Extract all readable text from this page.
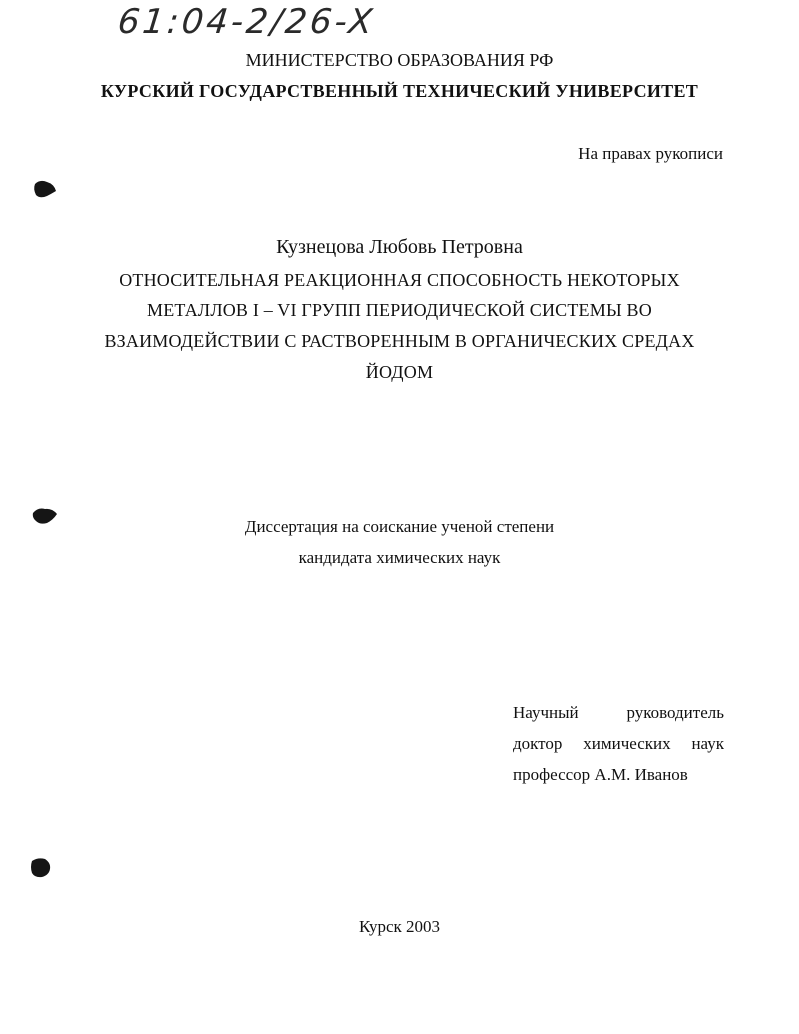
61:04-2/26-X
МИНИСТЕРСТВО ОБРАЗОВАНИЯ РФ
КУРСКИЙ ГОСУДАРСТВЕННЫЙ ТЕХНИЧЕСКИЙ УНИВЕРСИТЕТ
На правах рукописи
Кузнецова Любовь Петровна
ОТНОСИТЕЛЬНАЯ РЕАКЦИОННАЯ СПОСОБНОСТЬ НЕКОТОРЫХ
МЕТАЛЛОВ I – VI ГРУПП ПЕРИОДИЧЕСКОЙ СИСТЕМЫ ВО
ВЗАИМОДЕЙСТВИИ С РАСТВОРЕННЫМ В ОРГАНИЧЕСКИХ СРЕДАХ
ЙОДОМ
Диссертация на соискание ученой степени
кандидата химических наук
Научный	руководитель
доктор химических наук
профессор А.М. Иванов
Курск 2003
